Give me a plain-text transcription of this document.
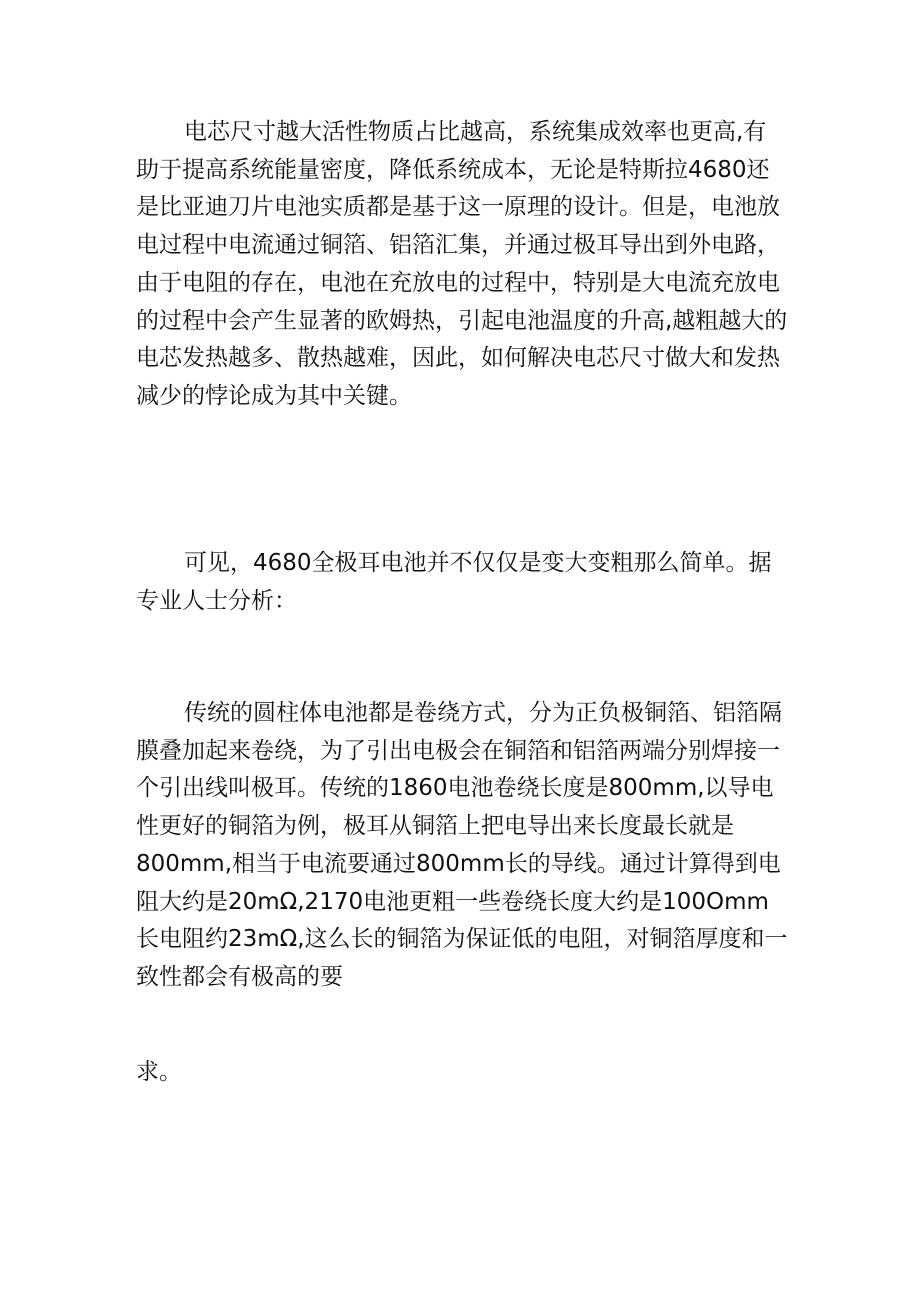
电芯尺寸越大活性物质占比越高，系统集成效率也更高,有
助于提高系统能量密度，降低系统成本，无论是特斯拉4680还
是比亚迪刀片电池实质都是基于这一原理的设计。但是，电池放
电过程中电流通过铜箔、铝箔汇集，并通过极耳导出到外电路，
由于电阻的存在，电池在充放电的过程中，特别是大电流充放电
的过程中会产生显著的欧姆热，引起电池温度的升高,越粗越大的
电芯发热越多、散热越难，因此，如何解决电芯尺寸做大和发热
减少的悖论成为其中关键。
可见，4680全极耳电池并不仅仅是变大变粗那么简单。据
专业人士分析：
传统的圆柱体电池都是卷绕方式，分为正负极铜箔、铝箔隔
膜叠加起来卷绕，为了引出电极会在铜箔和铝箔两端分别焊接一
个引出线叫极耳。传统的1860电池卷绕长度是800mm,以导电
性更好的铜箔为例，极耳从铜箔上把电导出来长度最长就是
800mm,相当于电流要通过800mm长的导线。通过计算得到电
阻大约是20mΩ,2170电池更粗一些卷绕长度大约是100Omm
长电阻约23mΩ,这么长的铜箔为保证低的电阻，对铜箔厚度和一
致性都会有极高的要
求。
